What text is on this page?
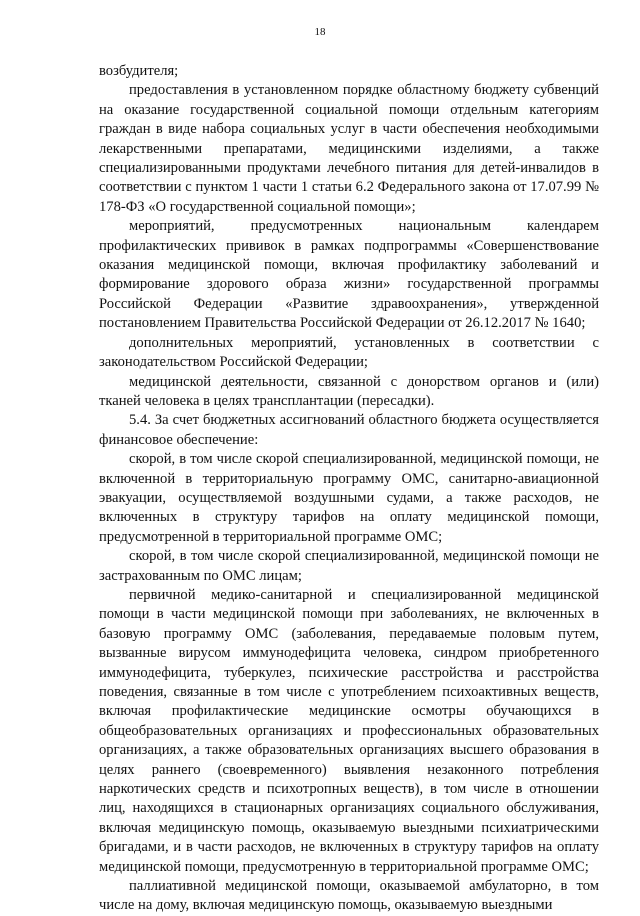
18

возбудителя;

предоставления в установленном порядке областному бюджету субвенций на оказание государственной социальной помощи отдельным категориям граждан в виде набора социальных услуг в части обеспечения необходимыми лекарственными препаратами, медицинскими изделиями, а также специализированными продуктами лечебного питания для детей-инвалидов в соответствии с пунктом 1 части 1 статьи 6.2 Федерального закона от 17.07.99 № 178-ФЗ «О государственной социальной помощи»;

мероприятий, предусмотренных национальным календарем профилактических прививок в рамках подпрограммы «Совершенствование оказания медицинской помощи, включая профилактику заболеваний и формирование здорового образа жизни» государственной программы Российской Федерации «Развитие здравоохранения», утвержденной постановлением Правительства Российской Федерации от 26.12.2017 № 1640;

дополнительных мероприятий, установленных в соответствии с законодательством Российской Федерации;

медицинской деятельности, связанной с донорством органов и (или) тканей человека в целях трансплантации (пересадки).

5.4. За счет бюджетных ассигнований областного бюджета осуществляется финансовое обеспечение:

скорой, в том числе скорой специализированной, медицинской помощи, не включенной в территориальную программу ОМС, санитарно-авиационной эвакуации, осуществляемой воздушными судами, а также расходов, не включенных в структуру тарифов на оплату медицинской помощи, предусмотренной в территориальной программе ОМС;

скорой, в том числе скорой специализированной, медицинской помощи не застрахованным по ОМС лицам;

первичной медико-санитарной и специализированной медицинской помощи в части медицинской помощи при заболеваниях, не включенных в базовую программу ОМС (заболевания, передаваемые половым путем, вызванные вирусом иммунодефицита человека, синдром приобретенного иммунодефицита, туберкулез, психические расстройства и расстройства поведения, связанные в том числе с употреблением психоактивных веществ, включая профилактические медицинские осмотры обучающихся в общеобразовательных организациях и профессиональных образовательных организациях, а также образовательных организациях высшего образования в целях раннего (своевременного) выявления незаконного потребления наркотических средств и психотропных веществ), в том числе в отношении лиц, находящихся в стационарных организациях социального обслуживания, включая медицинскую помощь, оказываемую выездными психиатрическими бригадами, и в части расходов, не включенных в структуру тарифов на оплату медицинской помощи, предусмотренную в территориальной программе ОМС;

паллиативной медицинской помощи, оказываемой амбулаторно, в том числе на дому, включая медицинскую помощь, оказываемую выездными
